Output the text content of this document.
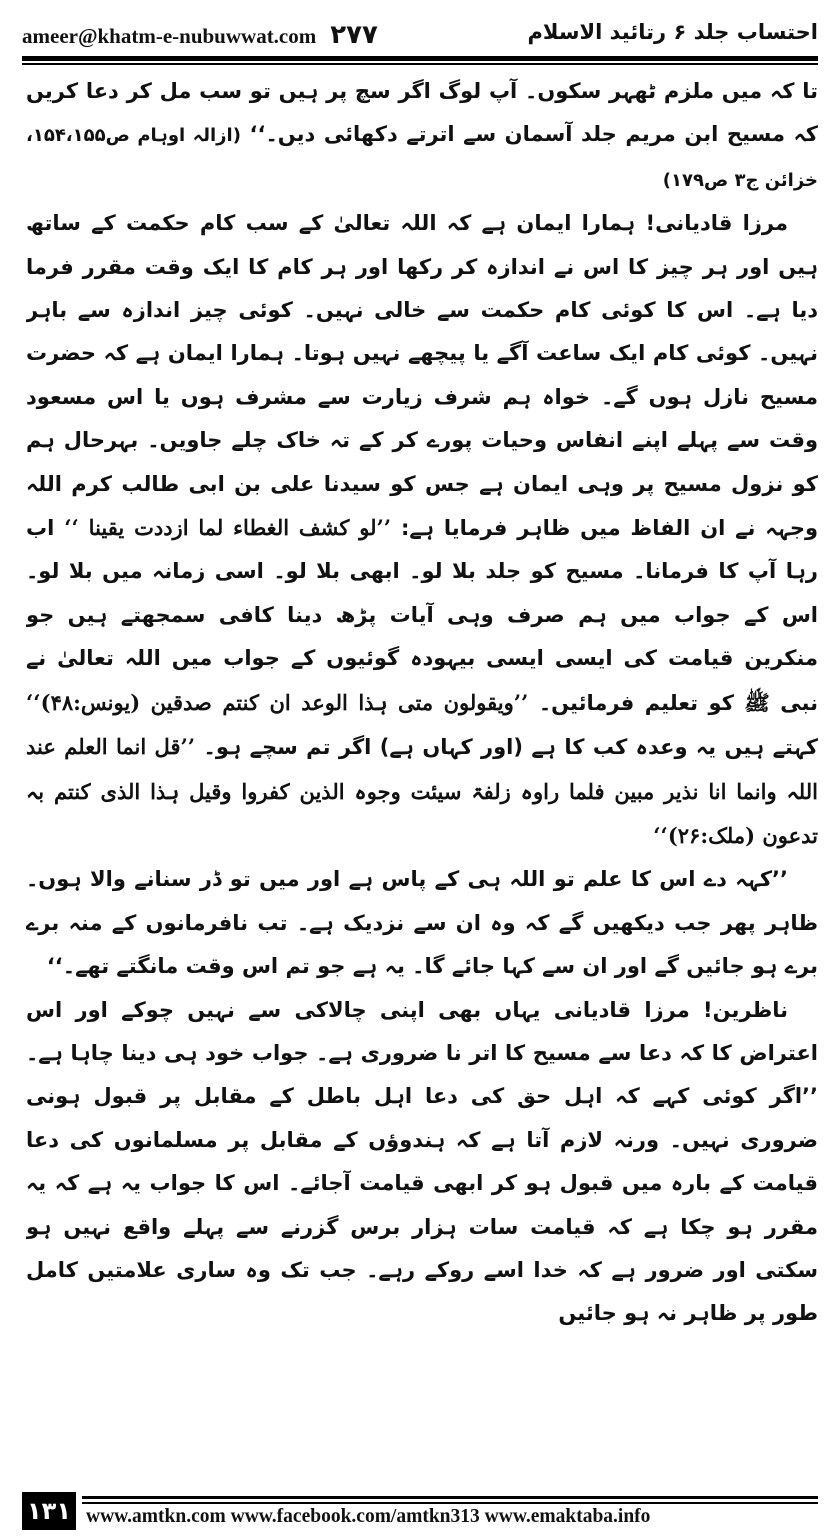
ameer@khatm-e-nubuwwat.com ۲۷۷	احتساب جلد ۶ رتائید الاسلام

تا کہ میں ملزم ٹھہر سکوں۔ آپ لوگ اگر سچ پر ہیں تو سب مل کر دعا کریں کہ مسیح ابن مریم جلد آسمان سے اترتے دکھائی دیں۔‘‘ (ازالہ اوہام ص۱۵۴،۱۵۵، خزائن ج۳ ص۱۷۹)

مرزا قادیانی! ہمارا ایمان ہے کہ اللہ تعالیٰ کے سب کام حکمت کے ساتھ ہیں اور ہر چیز کا اس نے اندازہ کر رکھا اور ہر کام کا ایک وقت مقرر فرما دیا ہے۔ اس کا کوئی کام حکمت سے خالی نہیں۔ کوئی چیز اندازہ سے باہر نہیں۔ کوئی کام ایک ساعت آگے یا پیچھے نہیں ہوتا۔ ہمارا ایمان ہے کہ حضرت مسیح نازل ہوں گے۔ خواہ ہم شرف زیارت سے مشرف ہوں یا اس مسعود وقت سے پہلے اپنے انفاس وحیات پورے کر کے تہ خاک چلے جاویں۔ بہرحال ہم کو نزول مسیح پر وہی ایمان ہے جس کو سیدنا علی بن ابی طالب کرم اللہ وجہہ نے ان الفاظ میں ظاہر فرمایا ہے: ’’لو کشف الغطاء لما ازددت یقینا ‘‘ اب رہا آپ کا فرمانا۔ مسیح کو جلد بلا لو۔ ابھی بلا لو۔ اسی زمانہ میں بلا لو۔ اس کے جواب میں ہم صرف وہی آیات پڑھ دینا کافی سمجھتے ہیں جو منکرین قیامت کی ایسی ایسی بیہودہ گوئیوں کے جواب میں اللہ تعالیٰ نے نبی ﷺ کو تعلیم فرمائیں۔ ’’ویقولون متی ہذا الوعد ان کنتم صدقین (یونس:۴۸)‘‘ کہتے ہیں یہ وعدہ کب کا ہے (اور کہاں ہے) اگر تم سچے ہو۔ ’’قل انما العلم عند اللہ وانما انا نذیر مبین فلما راوہ زلفۃ سیئت وجوہ الذین کفروا وقیل ہذا الذی کنتم بہ تدعون (ملک:۲۶)‘‘

’’کہہ دے اس کا علم تو اللہ ہی کے پاس ہے اور میں تو ڈر سنانے والا ہوں۔ ظاہر پھر جب دیکھیں گے کہ وہ ان سے نزدیک ہے۔ تب نافرمانوں کے منہ برے برے ہو جائیں گے اور ان سے کہا جائے گا۔ یہ ہے جو تم اس وقت مانگتے تھے۔‘‘

ناظرین! مرزا قادیانی یہاں بھی اپنی چالاکی سے نہیں چوکے اور اس اعتراض کا کہ دعا سے مسیح کا اتر نا ضروری ہے۔ جواب خود ہی دینا چاہا ہے۔ ’’اگر کوئی کہے کہ اہل حق کی دعا اہل باطل کے مقابل پر قبول ہونی ضروری نہیں۔ ورنہ لازم آتا ہے کہ ہندوؤں کے مقابل پر مسلمانوں کی دعا قیامت کے بارہ میں قبول ہو کر ابھی قیامت آجائے۔ اس کا جواب یہ ہے کہ یہ مقرر ہو چکا ہے کہ قیامت سات ہزار برس گزرنے سے پہلے واقع نہیں ہو سکتی اور ضرور ہے کہ خدا اسے روکے رہے۔ جب تک وہ ساری علامتیں کامل طور پر ظاہر نہ ہو جائیں

۱۳۱ www.amtkn.com www.facebook.com/amtkn313 www.emaktaba.info
